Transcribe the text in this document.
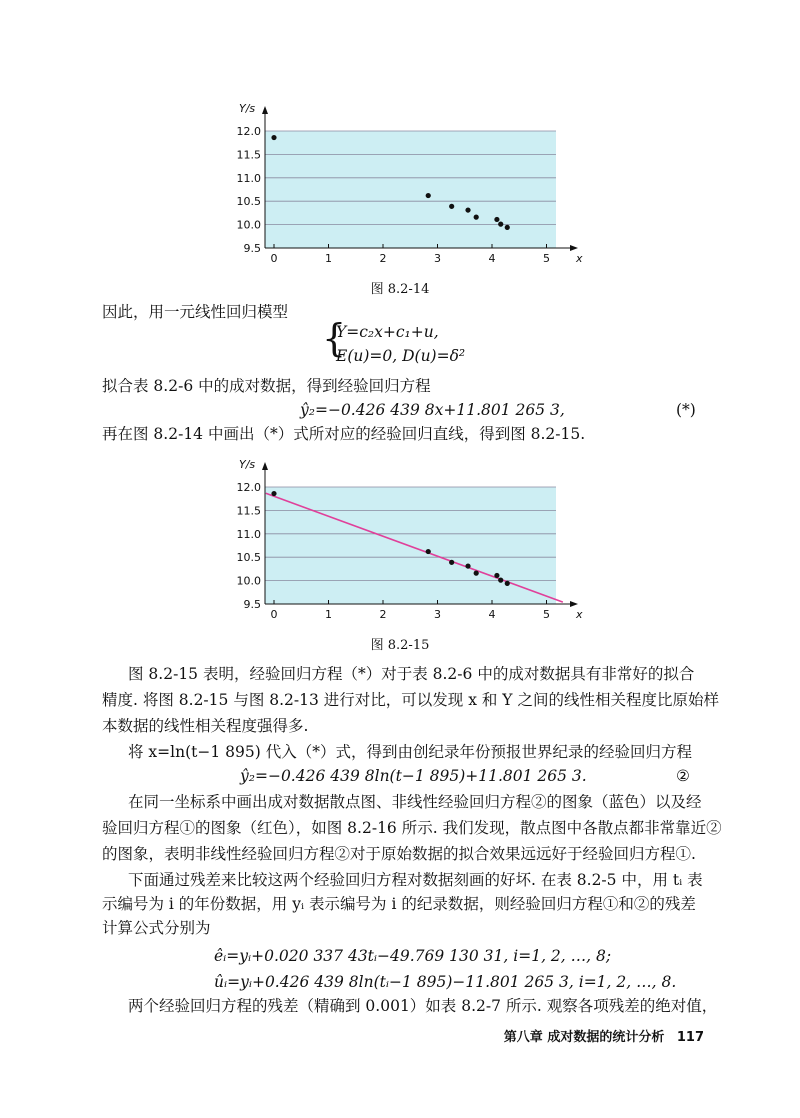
12.0
11.5
11.0
10.5
10.0
9.5
Y/s
x
0	1	2	3	4	5
图 8.2-14
因此，用一元线性回归模型
{
Y=c₂x+c₁+u,
E(u)=0, D(u)=δ²
拟合表 8.2-6 中的成对数据，得到经验回归方程
ŷ₂=−0.426 439 8x+11.801 265 3,	(*)
再在图 8.2-14 中画出（*）式所对应的经验回归直线，得到图 8.2-15.
12.0
11.5
11.0
10.5
10.0
9.5
Y/s
x
0	1	2	3	4	5
图 8.2-15
图 8.2-15 表明，经验回归方程（*）对于表 8.2-6 中的成对数据具有非常好的拟合
精度. 将图 8.2-15 与图 8.2-13 进行对比，可以发现 x 和 Y 之间的线性相关程度比原始样
本数据的线性相关程度强得多.
将 x=ln(t−1 895) 代入（*）式，得到由创纪录年份预报世界纪录的经验回归方程
ŷ₂=−0.426 439 8ln(t−1 895)+11.801 265 3.	②
在同一坐标系中画出成对数据散点图、非线性经验回归方程②的图象（蓝色）以及经
验回归方程①的图象（红色），如图 8.2-16 所示. 我们发现，散点图中各散点都非常靠近②
的图象，表明非线性经验回归方程②对于原始数据的拟合效果远远好于经验回归方程①.
下面通过残差来比较这两个经验回归方程对数据刻画的好坏. 在表 8.2-5 中，用 tᵢ 表
示编号为 i 的年份数据，用 yᵢ 表示编号为 i 的纪录数据，则经验回归方程①和②的残差
计算公式分别为
êᵢ=yᵢ+0.020 337 43tᵢ−49.769 130 31, i=1, 2, …, 8;
ûᵢ=yᵢ+0.426 439 8ln(tᵢ−1 895)−11.801 265 3, i=1, 2, …, 8.
两个经验回归方程的残差（精确到 0.001）如表 8.2-7 所示. 观察各项残差的绝对值，
第八章 成对数据的统计分析 117
